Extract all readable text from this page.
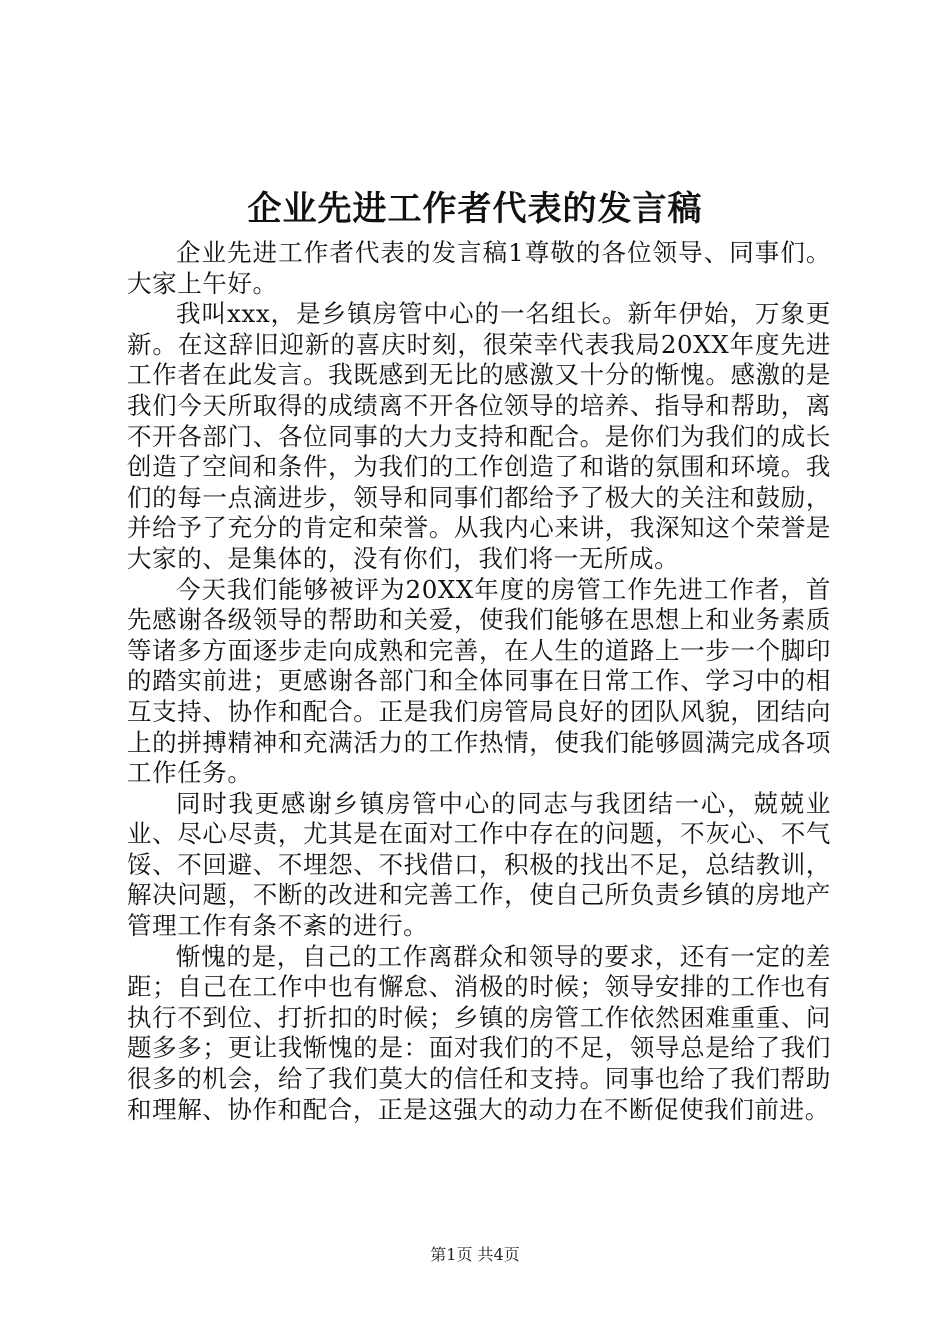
企业先进工作者代表的发言稿

企业先进工作者代表的发言稿1尊敬的各位领导、同事们。大家上午好。

我叫xxx，是乡镇房管中心的一名组长。新年伊始，万象更新。在这辞旧迎新的喜庆时刻，很荣幸代表我局20XX年度先进工作者在此发言。我既感到无比的感激又十分的惭愧。感激的是我们今天所取得的成绩离不开各位领导的培养、指导和帮助，离不开各部门、各位同事的大力支持和配合。是你们为我们的成长创造了空间和条件，为我们的工作创造了和谐的氛围和环境。我们的每一点滴进步，领导和同事们都给予了极大的关注和鼓励，并给予了充分的肯定和荣誉。从我内心来讲，我深知这个荣誉是大家的、是集体的，没有你们，我们将一无所成。

今天我们能够被评为20XX年度的房管工作先进工作者，首先感谢各级领导的帮助和关爱，使我们能够在思想上和业务素质等诸多方面逐步走向成熟和完善，在人生的道路上一步一个脚印的踏实前进；更感谢各部门和全体同事在日常工作、学习中的相互支持、协作和配合。正是我们房管局良好的团队风貌，团结向上的拼搏精神和充满活力的工作热情，使我们能够圆满完成各项工作任务。

同时我更感谢乡镇房管中心的同志与我团结一心，兢兢业业、尽心尽责，尤其是在面对工作中存在的问题，不灰心、不气馁、不回避、不埋怨、不找借口，积极的找出不足，总结教训，解决问题，不断的改进和完善工作，使自己所负责乡镇的房地产管理工作有条不紊的进行。

惭愧的是，自己的工作离群众和领导的要求，还有一定的差距；自己在工作中也有懈怠、消极的时候；领导安排的工作也有执行不到位、打折扣的时候；乡镇的房管工作依然困难重重、问题多多；更让我惭愧的是：面对我们的不足，领导总是给了我们很多的机会，给了我们莫大的信任和支持。同事也给了我们帮助和理解、协作和配合，正是这强大的动力在不断促使我们前进。

第1页 共4页
